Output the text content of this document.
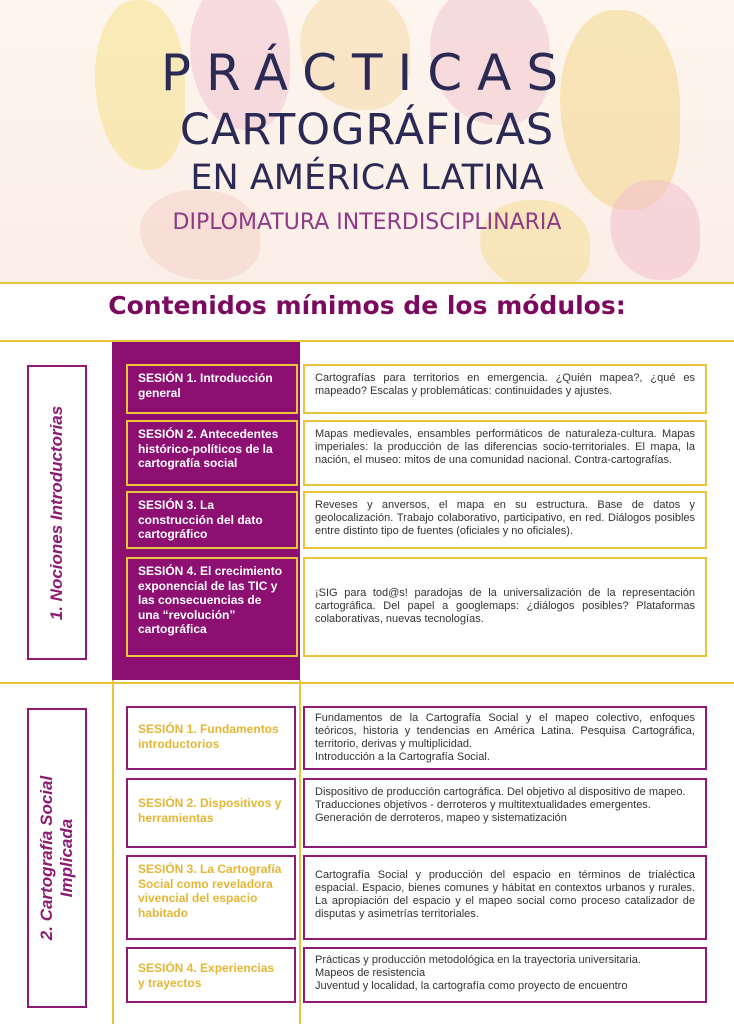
PRÁCTICAS
CARTOGRÁFICAS
EN AMÉRICA LATINA
DIPLOMATURA INTERDISCIPLINARIA
Contenidos mínimos de los módulos:
1. Nociones Introductorias
SESIÓN 1. Introducción general
Cartografías para territorios en emergencia. ¿Quién mapea?, ¿qué es mapeado? Escalas y problemáticas: continuidades y ajustes.
SESIÓN 2. Antecedentes histórico-políticos de la cartografía social
Mapas medievales, ensambles performáticos de naturaleza-cultura. Mapas imperiales: la producción de las diferencias socio-territoriales. El mapa, la nación, el museo: mitos de una comunidad nacional. Contra-cartografías.
SESIÓN 3. La construcción del dato cartográfico
Reveses y anversos, el mapa en su estructura. Base de datos y geolocalización. Trabajo colaborativo, participativo, en red. Diálogos posibles entre distinto tipo de fuentes (oficiales y no oficiales).
SESIÓN 4. El crecimiento exponencial de las TIC y las consecuencias de una “revolución” cartográfica
¡SIG para tod@s! paradojas de la universalización de la representación cartográfica. Del papel a googlemaps: ¿diálogos posibles? Plataformas colaborativas, nuevas tecnologías.
2. Cartografía Social Implicada
SESIÓN 1. Fundamentos introductorios
Fundamentos de la Cartografía Social y el mapeo colectivo, enfoques teóricos, historia y tendencias en América Latina. Pesquisa Cartográfica, territorio, derivas y multiplicidad.
Introducción a la Cartografía Social.
SESIÓN 2. Dispositivos y herramientas
Dispositivo de producción cartográfica. Del objetivo al dispositivo de mapeo.
Traducciones objetivos - derroteros y multitextualidades emergentes.
Generación de derroteros, mapeo y sistematización
SESIÓN 3. La Cartografía Social como reveladora vivencial del espacio habitado
Cartografía Social y producción del espacio en términos de trialéctica espacial. Espacio, bienes comunes y hábitat en contextos urbanos y rurales. La apropiación del espacio y el mapeo social como proceso catalizador de disputas y asimetrías territoriales.
SESIÓN 4. Experiencias y trayectos
Prácticas y producción metodológica en la trayectoria universitaria.
Mapeos de resistencia
Juventud y localidad, la cartografía como proyecto de encuentro
